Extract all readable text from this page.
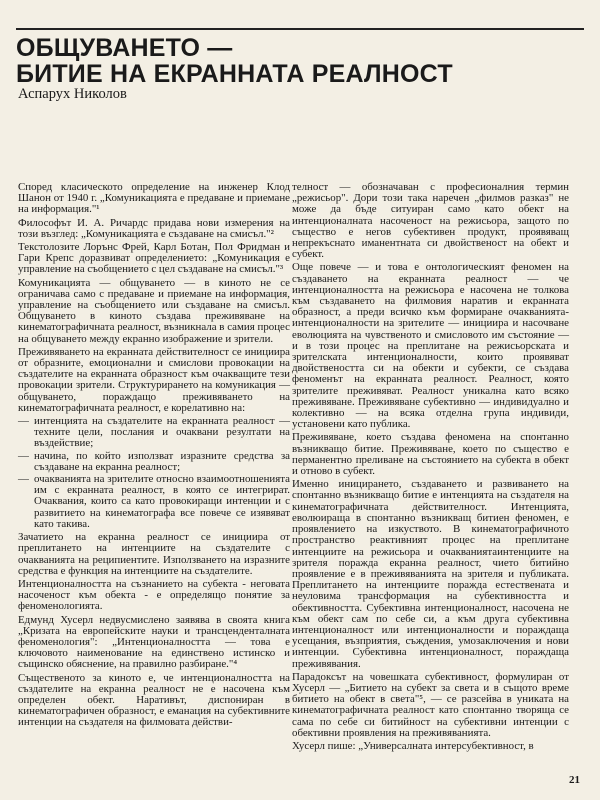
ОБЩУВАНЕТО —
БИТИЕ НА ЕКРАННАТА РЕАЛНОСТ

Аспарух Николов

Според класическото определение на инженер Клод Шанон от 1940 г. „Комуникацията е предаване и приемане на информация."¹

Философът И. А. Ричардс придава нови измерения на този възглед: „Комуникацията е създаване на смисъл."²

Текстолозите Лорънс Фрей, Карл Ботан, Пол Фридман и Гари Крепс доразвиват определението: „Комуникация е управление на съобщението с цел създаване на смисъл."³

Комуникацията — общуването — в киното не се ограничава само с предаване и приемане на информация, управление на съобщението или създаване на смисъл. Общуването в киното създава преживяване на кинематографичната реалност, възникнала в самия процес на общуването между екранно изображение и зрители.

Преживяването на екранната действителност се инициира от образните, емоционални и смислови провокации на създателите на екранната образност към очакващите тези провокации зрители. Структурирането на комуникация — общуването, пораждащо преживяването на кинематографичната реалност, е корелативно на:

— интенцията на създателите на екранната реалност — техните цели, послания и очаквани резултати на въздействие;
— начина, по който използват изразните средства за създаване на екранна реалност;
— очакванията на зрителите относно взаимоотношенията им с екранната реалност, в която се интегрират. Очаквания, които са като провокиращи интенции и с развитието на кинематографа все повече се изявяват като такива.

Зачатието на екранна реалност се инициира от преплитането на интенциите на създателите с очакванията на реципиентите. Използването на изразните средства е функция на интенциите на създателите.

Интенционалността на съзнанието на субекта - неговата насоченост към обекта - е определящо понятие за феноменологията.

Едмунд Хусерл недвусмислено заявява в своята книга „Кризата на европейските науки и трансценденталната феноменология": „Интенционалността — това е ключовото наименование на единствено истинско и същинско обяснение, на правилно разбиране."⁴

Същественото за киното е, че интенционалността на създателите на екранна реалност не е насочена към определен обект. Наративът, диспониран в кинематографичен образност, е еманация на субективните интенции на създателя на филмовата действи-

телност — обозначаван с професионалния термин „режисьор". Дори този така наречен „филмов разказ" не може да бъде ситуиран само като обект на интенционалната насоченост на режисьора, защото по същество е негов субективен продукт, проявяващ непрекъснато иманентната си двойственост на обект и субект.

Още повече — и това е онтологическият феномен на създаването на екранната реалност — че интенционалността на режисьора е насочена не толкова към създаването на филмовия наратив и екранната образност, а преди всичко към формиране очакванията-интенционалности на зрителите — инициира и насочване еволюцията на чувственото и смисловото им състояние — и в този процес на преплитане на режисьорската и зрителската интенционалности, които проявяват двойствеността си на обекти и субекти, се създава феноменът на екранната реалност. Реалност, която зрителите преживяват. Реалност уникална като всяко преживяване. Преживяване субективно — индивидуално и колективно — на всяка отделна група индивиди, установени като публика.

Преживяване, което създава феномена на спонтанно възникващо битие. Преживяване, което по същество е перманентно преливане на състоянието на субекта в обект и отново в субект.

Именно иницирането, създаването и развиването на спонтанно възникващо битие е интенцията на създателя на кинематографичната действителност. Интенцията, еволюираща в спонтанно възникващ битиен феномен, е проявлението на изкуството. В кинематографичното пространство реактивният процес на преплитане интенциите на режисьора и очакваниятаинтенциите на зрителя поражда екранна реалност, чието битийно проявление е в преживяванията на зрителя и публиката. Преплитането на интенциите поражда естествената и неуловима трансформация на субективността и обективността. Субективна интенционалност, насочена не към обект сам по себе си, а към друга субективна интенционалност или интенционалности и пораждаща усещания, възприятия, съждения, умозаключения и нови интенции. Субективна интенционалност, пораждаща преживявания.

Парадоксът на човешката субективност, формулиран от Хусерл — „Битието на субект за света и в същото време битието на обект в света"⁵, — се разсейва в униката на кинематографичната реалност като спонтанно творяща се сама по себе си битийност на субективни интенции с обективни проявления на преживяванията.

Хусерл пише: „Универсалната интерсубективност, в

21
